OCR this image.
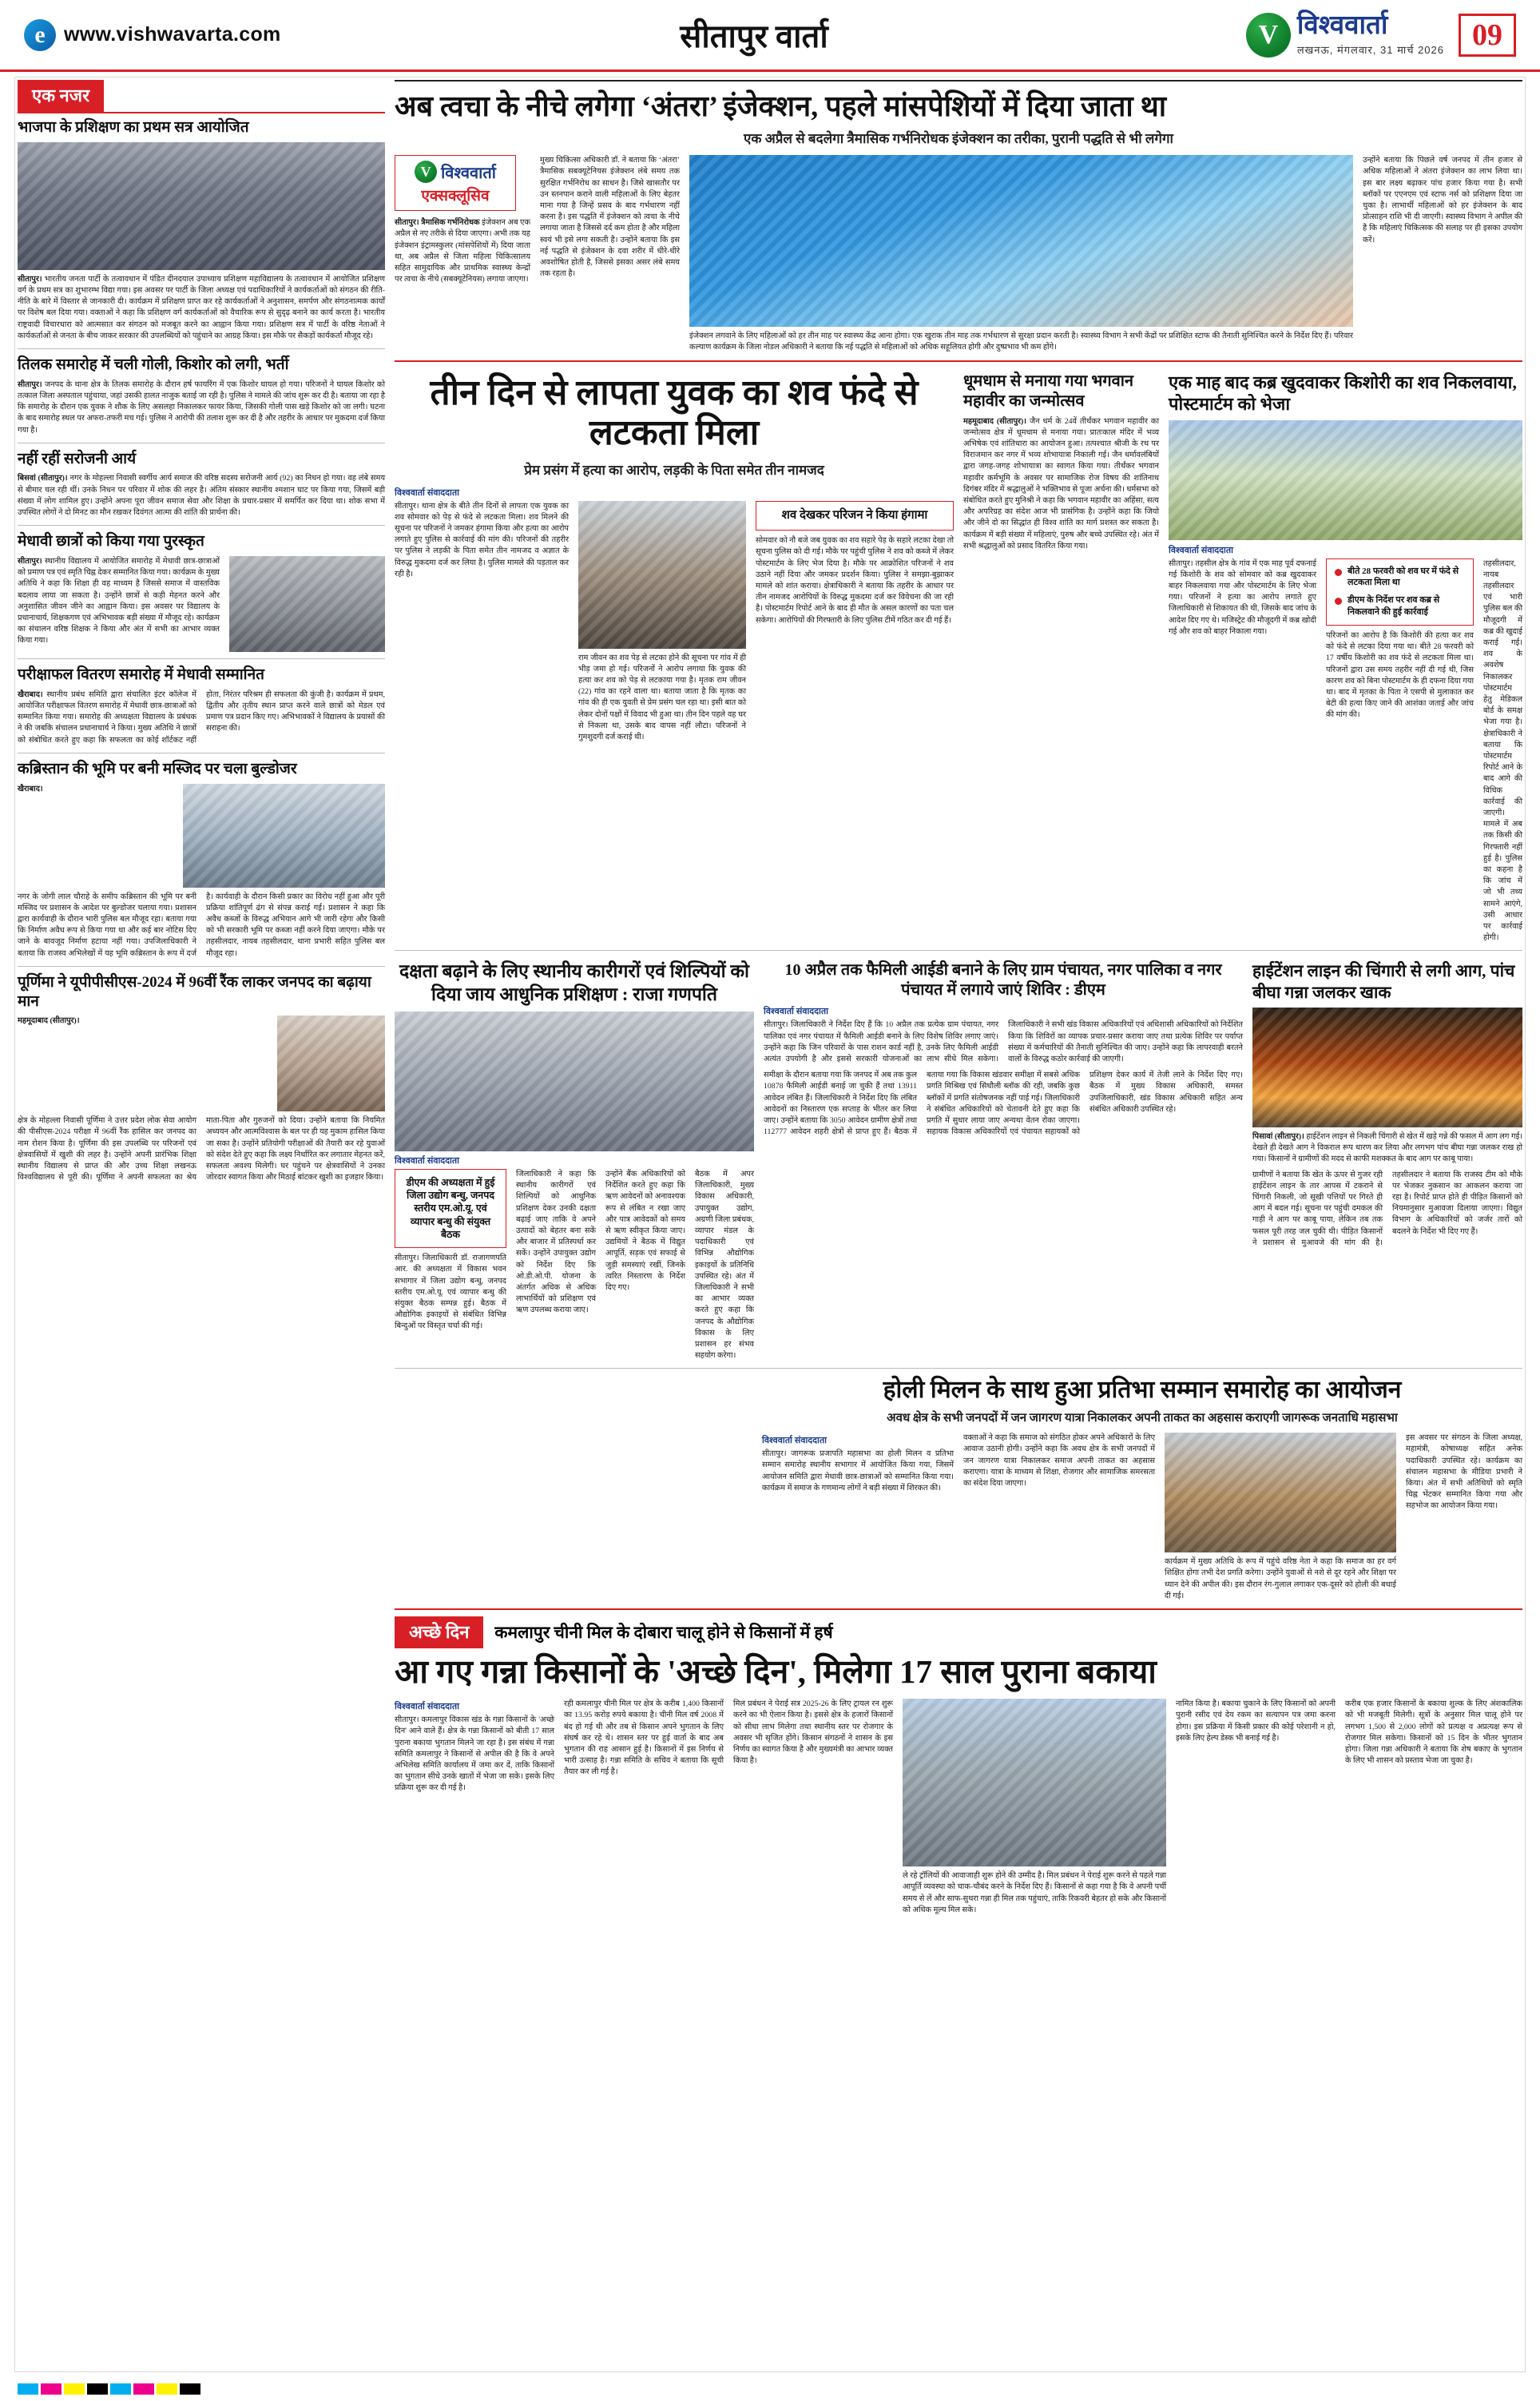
e www.vishwavarta.com	सीतापुर वार्ता	V विश्ववार्ता
लखनऊ, मंगलवार, 31 मार्च 2026 09
एक नजर
भाजपा के प्रशिक्षण का प्रथम सत्र आयोजित
सीतापुर। भारतीय जनता पार्टी के तत्वावधान में पंडित दीनदयाल उपाध्याय प्रशिक्षण महाविद्यालय के तत्वावधान में आयोजित प्रशिक्षण वर्ग के प्रथम सत्र का शुभारम्भ विद्या गया। इस अवसर पर पार्टी के जिला अध्यक्ष एवं पदाधिकारियों ने कार्यकर्ताओं को संगठन की रीति-नीति के बारे में विस्तार से जानकारी दी। कार्यक्रम में प्रशिक्षण प्राप्त कर रहे कार्यकर्ताओं ने अनुशासन, समर्पण और संगठनात्मक कार्यों पर विशेष बल दिया गया। वक्ताओं ने कहा कि प्रशिक्षण वर्ग कार्यकर्ताओं को वैचारिक रूप से सुदृढ़ बनाने का कार्य करता है। भारतीय राष्ट्रवादी विचारधारा को आत्मसात कर संगठन को मजबूत करने का आह्वान किया गया। प्रशिक्षण सत्र में पार्टी के वरिष्ठ नेताओं ने कार्यकर्ताओं से जनता के बीच जाकर सरकार की उपलब्धियों को पहुंचाने का आग्रह किया। इस मौके पर सैकड़ों कार्यकर्ता मौजूद रहे।
तिलक समारोह में चली गोली, किशोर को लगी, भर्ती
सीतापुर। जनपद के थाना क्षेत्र के तिलक समारोह के दौरान हर्ष फायरिंग में एक किशोर घायल हो गया। परिजनों ने घायल किशोर को तत्काल जिला अस्पताल पहुंचाया, जहां उसकी हालत नाजुक बताई जा रही है। पुलिस ने मामले की जांच शुरू कर दी है। बताया जा रहा है कि समारोह के दौरान एक युवक ने शौक के लिए असलहा निकालकर फायर किया, जिसकी गोली पास खड़े किशोर को जा लगी। घटना के बाद समारोह स्थल पर अफरा-तफरी मच गई। पुलिस ने आरोपी की तलाश शुरू कर दी है और तहरीर के आधार पर मुकदमा दर्ज किया गया है।
नहीं रहीं सरोजनी आर्य
बिसवां (सीतापुर)। नगर के मोहल्ला निवासी स्वर्गीय आर्य समाज की वरिष्ठ सदस्य सरोजनी आर्य (92) का निधन हो गया। वह लंबे समय से बीमार चल रही थीं। उनके निधन पर परिवार में शोक की लहर है। अंतिम संस्कार स्थानीय श्मशान घाट पर किया गया, जिसमें बड़ी संख्या में लोग शामिल हुए। उन्होंने अपना पूरा जीवन समाज सेवा और शिक्षा के प्रचार-प्रसार में समर्पित कर दिया था। शोक सभा में उपस्थित लोगों ने दो मिनट का मौन रखकर दिवंगत आत्मा की शांति की प्रार्थना की।
मेधावी छात्रों को किया गया पुरस्कृत
सीतापुर। स्थानीय विद्यालय में आयोजित समारोह में मेधावी छात्र-छात्राओं को प्रमाण पत्र एवं स्मृति चिह्न देकर सम्मानित किया गया। कार्यक्रम के मुख्य अतिथि ने कहा कि शिक्षा ही वह माध्यम है जिससे समाज में वास्तविक बदलाव लाया जा सकता है। उन्होंने छात्रों से कड़ी मेहनत करने और अनुशासित जीवन जीने का आह्वान किया। इस अवसर पर विद्यालय के प्रधानाचार्य, शिक्षकगण एवं अभिभावक बड़ी संख्या में मौजूद रहे। कार्यक्रम का संचालन वरिष्ठ शिक्षक ने किया और अंत में सभी का आभार व्यक्त किया गया।
परीक्षाफल वितरण समारोह में मेधावी सम्मानित
खैराबाद। स्थानीय प्रबंध समिति द्वारा संचालित इंटर कॉलेज में आयोजित परीक्षाफल वितरण समारोह में मेधावी छात्र-छात्राओं को सम्मानित किया गया। समारोह की अध्यक्षता विद्यालय के प्रबंधक ने की जबकि संचालन प्रधानाचार्य ने किया। मुख्य अतिथि ने छात्रों को संबोधित करते हुए कहा कि सफलता का कोई शॉर्टकट नहीं होता, निरंतर परिश्रम ही सफलता की कुंजी है। कार्यक्रम में प्रथम, द्वितीय और तृतीय स्थान प्राप्त करने वाले छात्रों को मेडल एवं प्रमाण पत्र प्रदान किए गए। अभिभावकों ने विद्यालय के प्रयासों की सराहना की।
कब्रिस्तान की भूमि पर बनी मस्जिद पर चला बुल्डोजर
खैराबाद।
नगर के जोगी लाल चौराहे के समीप कब्रिस्तान की भूमि पर बनी मस्जिद पर प्रशासन के आदेश पर बुल्डोजर चलाया गया। प्रशासन द्वारा कार्यवाही के दौरान भारी पुलिस बल मौजूद रहा। बताया गया कि निर्माण अवैध रूप से किया गया था और कई बार नोटिस दिए जाने के बावजूद निर्माण हटाया नहीं गया। उपजिलाधिकारी ने बताया कि राजस्व अभिलेखों में यह भूमि कब्रिस्तान के रूप में दर्ज है। कार्यवाही के दौरान किसी प्रकार का विरोध नहीं हुआ और पूरी प्रक्रिया शांतिपूर्ण ढंग से संपन्न कराई गई। प्रशासन ने कहा कि अवैध कब्जों के विरुद्ध अभियान आगे भी जारी रहेगा और किसी को भी सरकारी भूमि पर कब्जा नहीं करने दिया जाएगा। मौके पर तहसीलदार, नायब तहसीलदार, थाना प्रभारी सहित पुलिस बल मौजूद रहा।
पूर्णिमा ने यूपीपीसीएस-2024 में 96वीं रैंक लाकर जनपद का बढ़ाया मान
महमूदाबाद (सीतापुर)।
क्षेत्र के मोहल्ला निवासी पूर्णिमा ने उत्तर प्रदेश लोक सेवा आयोग की पीसीएस-2024 परीक्षा में 96वीं रैंक हासिल कर जनपद का नाम रोशन किया है। पूर्णिमा की इस उपलब्धि पर परिजनों एवं क्षेत्रवासियों में खुशी की लहर है। उन्होंने अपनी प्रारंभिक शिक्षा स्थानीय विद्यालय से प्राप्त की और उच्च शिक्षा लखनऊ विश्वविद्यालय से पूरी की। पूर्णिमा ने अपनी सफलता का श्रेय माता-पिता और गुरुजनों को दिया। उन्होंने बताया कि नियमित अध्ययन और आत्मविश्वास के बल पर ही यह मुकाम हासिल किया जा सका है। उन्होंने प्रतियोगी परीक्षाओं की तैयारी कर रहे युवाओं को संदेश देते हुए कहा कि लक्ष्य निर्धारित कर लगातार मेहनत करें, सफलता अवश्य मिलेगी। घर पहुंचने पर क्षेत्रवासियों ने उनका जोरदार स्वागत किया और मिठाई बांटकर खुशी का इजहार किया।
अब त्वचा के नीचे लगेगा ‘अंतरा’ इंजेक्शन, पहले मांसपेशियों में दिया जाता था
एक अप्रैल से बदलेगा त्रैमासिक गर्भनिरोधक इंजेक्शन का तरीका, पुरानी पद्धति से भी लगेगा
V विश्ववार्ता
एक्सक्लूसिव
सीतापुर। त्रैमासिक गर्भनिरोधक इंजेक्शन अब एक अप्रैल से नए तरीके से दिया जाएगा। अभी तक यह इंजेक्शन इंट्रामस्कुलर (मांसपेशियों में) दिया जाता था, अब अप्रैल से जिला महिला चिकित्सालय सहित सामुदायिक और प्राथमिक स्वास्थ्य केन्द्रों पर त्वचा के नीचे (सबक्यूटेनियस) लगाया जाएगा।
मुख्य चिकित्सा अधिकारी डॉ. ने बताया कि ‘अंतरा’ त्रैमासिक सबक्यूटेनियस इंजेक्शन लंबे समय तक सुरक्षित गर्भनिरोध का साधन है। जिसे खासतौर पर उन स्तनपान कराने वाली महिलाओं के लिए बेहतर माना गया है जिन्हें प्रसव के बाद गर्भधारण नहीं करना है। इस पद्धति में इंजेक्शन को त्वचा के नीचे लगाया जाता है जिससे दर्द कम होता है और महिला स्वयं भी इसे लगा सकती है। उन्होंने बताया कि इस नई पद्धति से इंजेक्शन के दवा शरीर में धीरे-धीरे अवशोषित होती है, जिससे इसका असर लंबे समय तक रहता है।
इंजेक्शन लगवाने के लिए महिलाओं को हर तीन माह पर स्वास्थ्य केंद्र आना होगा। एक खुराक तीन माह तक गर्भधारण से सुरक्षा प्रदान करती है। स्वास्थ्य विभाग ने सभी केंद्रों पर प्रशिक्षित स्टाफ की तैनाती सुनिश्चित करने के निर्देश दिए हैं। परिवार कल्याण कार्यक्रम के जिला नोडल अधिकारी ने बताया कि नई पद्धति से महिलाओं को अधिक सहूलियत होगी और दुष्प्रभाव भी कम होंगे।
उन्होंने बताया कि पिछले वर्ष जनपद में तीन हजार से अधिक महिलाओं ने अंतरा इंजेक्शन का लाभ लिया था। इस बार लक्ष्य बढ़ाकर पांच हजार किया गया है। सभी ब्लॉकों पर एएनएम एवं स्टाफ नर्स को प्रशिक्षण दिया जा चुका है। लाभार्थी महिलाओं को हर इंजेक्शन के बाद प्रोत्साहन राशि भी दी जाएगी। स्वास्थ्य विभाग ने अपील की है कि महिलाएं चिकित्सक की सलाह पर ही इसका उपयोग करें।
तीन दिन से लापता युवक का शव फंदे से लटकता मिला
प्रेम प्रसंग में हत्या का आरोप, लड़की के पिता समेत तीन नामजद
विश्ववार्ता संवाददाता
सीतापुर। थाना क्षेत्र के बीते तीन दिनों से लापता एक युवक का शव सोमवार को पेड़ से फंदे से लटकता मिला। शव मिलने की सूचना पर परिजनों ने जमकर हंगामा किया और हत्या का आरोप लगाते हुए पुलिस से कार्रवाई की मांग की। परिजनों की तहरीर पर पुलिस ने लड़की के पिता समेत तीन नामजद व अज्ञात के विरुद्ध मुकदमा दर्ज कर लिया है। पुलिस मामले की पड़ताल कर रही है।
राम जीवन का शव पेड़ से लटका होने की सूचना पर गांव में ही भीड़ जमा हो गई। परिजनों ने आरोप लगाया कि युवक की हत्या कर शव को पेड़ से लटकाया गया है। मृतक राम जीवन (22) गांव का रहने वाला था। बताया जाता है कि मृतक का गांव की ही एक युवती से प्रेम प्रसंग चल रहा था। इसी बात को लेकर दोनों पक्षों में विवाद भी हुआ था। तीन दिन पहले वह घर से निकला था, उसके बाद वापस नहीं लौटा। परिजनों ने गुमशुदगी दर्ज कराई थी।
शव देखकर परिजन ने किया हंगामा
सोमवार को नौ बजे जब युवक का शव सहारे पेड़ के सहारे लटका देखा तो सूचना पुलिस को दी गई। मौके पर पहुंची पुलिस ने शव को कब्जे में लेकर पोस्टमार्टम के लिए भेज दिया है। मौके पर आक्रोशित परिजनों ने शव उठाने नहीं दिया और जमकर प्रदर्शन किया। पुलिस ने समझा-बुझाकर मामले को शांत कराया। क्षेत्राधिकारी ने बताया कि तहरीर के आधार पर तीन नामजद आरोपियों के विरुद्ध मुकदमा दर्ज कर विवेचना की जा रही है। पोस्टमार्टम रिपोर्ट आने के बाद ही मौत के असल कारणों का पता चल सकेगा। आरोपियों की गिरफ्तारी के लिए पुलिस टीमें गठित कर दी गई हैं।
धूमधाम से मनाया गया भगवान महावीर का जन्मोत्सव
महमूदाबाद (सीतापुर)। जैन धर्म के 24वें तीर्थंकर भगवान महावीर का जन्मोत्सव क्षेत्र में धूमधाम से मनाया गया। प्रातःकाल मंदिर में भव्य अभिषेक एवं शांतिधारा का आयोजन हुआ। तत्पश्चात श्रीजी के रथ पर विराजमान कर नगर में भव्य शोभायात्रा निकाली गई। जैन धर्मावलंबियों द्वारा जगह-जगह शोभायात्रा का स्वागत किया गया। तीर्थंकर भगवान महावीर कर्मभूमि के अवसर पर सामाजिक रोज विषय की शांतिनाथ दिगंबर मंदिर में श्रद्धालुओं ने भक्तिभाव से पूजा अर्चना की। धर्मसभा को संबोधित करते हुए मुनिश्री ने कहा कि भगवान महावीर का अहिंसा, सत्य और अपरिग्रह का संदेश आज भी प्रासंगिक है। उन्होंने कहा कि जियो और जीने दो का सिद्धांत ही विश्व शांति का मार्ग प्रशस्त कर सकता है। कार्यक्रम में बड़ी संख्या में महिलाएं, पुरुष और बच्चे उपस्थित रहे। अंत में सभी श्रद्धालुओं को प्रसाद वितरित किया गया।
एक माह बाद कब्र खुदवाकर किशोरी का शव निकलवाया, पोस्टमार्टम को भेजा
विश्ववार्ता संवाददाता
सीतापुर। तहसील क्षेत्र के गांव में एक माह पूर्व दफनाई गई किशोरी के शव को सोमवार को कब्र खुदवाकर बाहर निकलवाया गया और पोस्टमार्टम के लिए भेजा गया। परिजनों ने हत्या का आरोप लगाते हुए जिलाधिकारी से शिकायत की थी, जिसके बाद जांच के आदेश दिए गए थे। मजिस्ट्रेट की मौजूदगी में कब्र खोदी गई और शव को बाहर निकाला गया।
बीते 28 फरवरी को शव घर में फंदे से लटकता मिला था
डीएम के निर्देश पर शव कब्र से निकलवाने की हुई कार्रवाई
परिजनों का आरोप है कि किशोरी की हत्या कर शव को फंदे से लटका दिया गया था। बीते 28 फरवरी को 17 वर्षीय किशोरी का शव फंदे से लटकता मिला था। परिजनों द्वारा उस समय तहरीर नहीं दी गई थी, जिस कारण शव को बिना पोस्टमार्टम के ही दफना दिया गया था। बाद में मृतका के पिता ने एसपी से मुलाकात कर बेटी की हत्या किए जाने की आशंका जताई और जांच की मांग की।
तहसीलदार, नायब तहसीलदार एवं भारी पुलिस बल की मौजूदगी में कब्र की खुदाई कराई गई। शव के अवशेष निकालकर पोस्टमार्टम हेतु मेडिकल बोर्ड के समक्ष भेजा गया है। क्षेत्राधिकारी ने बताया कि पोस्टमार्टम रिपोर्ट आने के बाद आगे की विधिक कार्रवाई की जाएगी। मामले में अब तक किसी की गिरफ्तारी नहीं हुई है। पुलिस का कहना है कि जांच में जो भी तथ्य सामने आएंगे, उसी आधार पर कार्रवाई होगी।
दक्षता बढ़ाने के लिए स्थानीय कारीगरों एवं शिल्पियों को दिया जाय आधुनिक प्रशिक्षण : राजा गणपति
विश्ववार्ता संवाददाता
डीएम की अध्यक्षता में हुई जिला उद्योग बन्धु, जनपद स्तरीय एम.ओ.यू. एवं व्यापार बन्धु की संयुक्त बैठक
सीतापुर। जिलाधिकारी डॉ. राजागणपति आर. की अध्यक्षता में विकास भवन सभागार में जिला उद्योग बन्धु, जनपद स्तरीय एम.ओ.यू. एवं व्यापार बन्धु की संयुक्त बैठक सम्पन्न हुई। बैठक में औद्योगिक इकाइयों से संबंधित विभिन्न बिन्दुओं पर विस्तृत चर्चा की गई।
जिलाधिकारी ने कहा कि स्थानीय कारीगरों एवं शिल्पियों को आधुनिक प्रशिक्षण देकर उनकी दक्षता बढ़ाई जाए ताकि वे अपने उत्पादों को बेहतर बना सकें और बाजार में प्रतिस्पर्धा कर सकें। उन्होंने उपायुक्त उद्योग को निर्देश दिए कि ओ.डी.ओ.पी. योजना के अंतर्गत अधिक से अधिक लाभार्थियों को प्रशिक्षण एवं ऋण उपलब्ध कराया जाए।
उन्होंने बैंक अधिकारियों को निर्देशित करते हुए कहा कि ऋण आवेदनों को अनावश्यक रूप से लंबित न रखा जाए और पात्र आवेदकों को समय से ऋण स्वीकृत किया जाए। उद्यमियों ने बैठक में विद्युत आपूर्ति, सड़क एवं सफाई से जुड़ी समस्याएं रखीं, जिनके त्वरित निस्तारण के निर्देश दिए गए।
बैठक में अपर जिलाधिकारी, मुख्य विकास अधिकारी, उपायुक्त उद्योग, अग्रणी जिला प्रबंधक, व्यापार मंडल के पदाधिकारी एवं विभिन्न औद्योगिक इकाइयों के प्रतिनिधि उपस्थित रहे। अंत में जिलाधिकारी ने सभी का आभार व्यक्त करते हुए कहा कि जनपद के औद्योगिक विकास के लिए प्रशासन हर संभव सहयोग करेगा।
10 अप्रैल तक फैमिली आईडी बनाने के लिए ग्राम पंचायत, नगर पालिका व नगर पंचायत में लगाये जाएं शिविर : डीएम
विश्ववार्ता संवाददाता
सीतापुर। जिलाधिकारी ने निर्देश दिए हैं कि 10 अप्रैल तक प्रत्येक ग्राम पंचायत, नगर पालिका एवं नगर पंचायत में फैमिली आईडी बनाने के लिए विशेष शिविर लगाए जाएं। उन्होंने कहा कि जिन परिवारों के पास राशन कार्ड नहीं है, उनके लिए फैमिली आईडी अत्यंत उपयोगी है और इससे सरकारी योजनाओं का लाभ सीधे मिल सकेगा। जिलाधिकारी ने सभी खंड विकास अधिकारियों एवं अधिशासी अधिकारियों को निर्देशित किया कि शिविरों का व्यापक प्रचार-प्रसार कराया जाए तथा प्रत्येक शिविर पर पर्याप्त संख्या में कर्मचारियों की तैनाती सुनिश्चित की जाए। उन्होंने कहा कि लापरवाही बरतने वालों के विरुद्ध कठोर कार्रवाई की जाएगी।
समीक्षा के दौरान बताया गया कि जनपद में अब तक कुल 10878 फैमिली आईडी बनाई जा चुकी हैं तथा 13911 आवेदन लंबित हैं। जिलाधिकारी ने निर्देश दिए कि लंबित आवेदनों का निस्तारण एक सप्ताह के भीतर कर लिया जाए। उन्होंने बताया कि 3050 आवेदन ग्रामीण क्षेत्रों तथा 112777 आवेदन शहरी क्षेत्रों से प्राप्त हुए हैं। बैठक में बताया गया कि विकास खंडवार समीक्षा में सबसे अधिक प्रगति मिश्रिख एवं सिधौली ब्लॉक की रही, जबकि कुछ ब्लॉकों में प्रगति संतोषजनक नहीं पाई गई। जिलाधिकारी ने संबंधित अधिकारियों को चेतावनी देते हुए कहा कि प्रगति में सुधार लाया जाए अन्यथा वेतन रोका जाएगा। सहायक विकास अधिकारियों एवं पंचायत सहायकों को प्रशिक्षण देकर कार्य में तेजी लाने के निर्देश दिए गए। बैठक में मुख्य विकास अधिकारी, समस्त उपजिलाधिकारी, खंड विकास अधिकारी सहित अन्य संबंधित अधिकारी उपस्थित रहे।
हाईटेंशन लाइन की चिंगारी से लगी आग, पांच बीघा गन्ना जलकर खाक
पिसावां (सीतापुर)। हाईटेंशन लाइन से निकली चिंगारी से खेत में खड़े गन्ने की फसल में आग लग गई। देखते ही देखते आग ने विकराल रूप धारण कर लिया और लगभग पांच बीघा गन्ना जलकर राख हो गया। किसानों ने ग्रामीणों की मदद से काफी मशक्कत के बाद आग पर काबू पाया।
ग्रामीणों ने बताया कि खेत के ऊपर से गुजर रही हाईटेंशन लाइन के तार आपस में टकराने से चिंगारी निकली, जो सूखी पत्तियों पर गिरते ही आग में बदल गई। सूचना पर पहुंची दमकल की गाड़ी ने आग पर काबू पाया, लेकिन तब तक फसल पूरी तरह जल चुकी थी। पीड़ित किसानों ने प्रशासन से मुआवजे की मांग की है। तहसीलदार ने बताया कि राजस्व टीम को मौके पर भेजकर नुकसान का आकलन कराया जा रहा है। रिपोर्ट प्राप्त होते ही पीड़ित किसानों को नियमानुसार मुआवजा दिलाया जाएगा। विद्युत विभाग के अधिकारियों को जर्जर तारों को बदलने के निर्देश भी दिए गए हैं।
होली मिलन के साथ हुआ प्रतिभा सम्मान समारोह का आयोजन
अवध क्षेत्र के सभी जनपदों में जन जागरण यात्रा निकालकर अपनी ताकत का अहसास कराएगी जागरूक जनताधि महासभा
विश्ववार्ता संवाददाता
सीतापुर। जागरूक प्रजापति महासभा का होली मिलन व प्रतिभा सम्मान समारोह स्थानीय सभागार में आयोजित किया गया, जिसमें आयोजन समिति द्वारा मेधावी छात्र-छात्राओं को सम्मानित किया गया। कार्यक्रम में समाज के गणमान्य लोगों ने बड़ी संख्या में शिरकत की।
वक्ताओं ने कहा कि समाज को संगठित होकर अपने अधिकारों के लिए आवाज उठानी होगी। उन्होंने कहा कि अवध क्षेत्र के सभी जनपदों में जन जागरण यात्रा निकालकर समाज अपनी ताकत का अहसास कराएगा। यात्रा के माध्यम से शिक्षा, रोजगार और सामाजिक समरसता का संदेश दिया जाएगा।
कार्यक्रम में मुख्य अतिथि के रूप में पहुंचे वरिष्ठ नेता ने कहा कि समाज का हर वर्ग शिक्षित होगा तभी देश प्रगति करेगा। उन्होंने युवाओं से नशे से दूर रहने और शिक्षा पर ध्यान देने की अपील की। इस दौरान रंग-गुलाल लगाकर एक-दूसरे को होली की बधाई दी गई।
इस अवसर पर संगठन के जिला अध्यक्ष, महामंत्री, कोषाध्यक्ष सहित अनेक पदाधिकारी उपस्थित रहे। कार्यक्रम का संचालन महासभा के मीडिया प्रभारी ने किया। अंत में सभी अतिथियों को स्मृति चिह्न भेंटकर सम्मानित किया गया और सहभोज का आयोजन किया गया।
अच्छे दिन	कमलापुर चीनी मिल के दोबारा चालू होने से किसानों में हर्ष
आ गए गन्ना किसानों के 'अच्छे दिन', मिलेगा 17 साल पुराना बकाया
विश्ववार्ता संवाददाता
सीतापुर। कमलापुर विकास खंड के गन्ना किसानों के 'अच्छे दिन' आने वाले हैं। क्षेत्र के गन्ना किसानों को बीती 17 साल पुराना बकाया भुगतान मिलने जा रहा है। इस संबंध में गन्ना समिति कमलापुर ने किसानों से अपील की है कि वे अपने अभिलेख समिति कार्यालय में जमा कर दें, ताकि किसानों का भुगतान सीधे उनके खातों में भेजा जा सके। इसके लिए प्रक्रिया शुरू कर दी गई है।
रही कमलापुर चीनी मिल पर क्षेत्र के करीब 1,400 किसानों का 13.95 करोड़ रुपये बकाया है। चीनी मिल वर्ष 2008 में बंद हो गई थी और तब से किसान अपने भुगतान के लिए संघर्ष कर रहे थे। शासन स्तर पर हुई वार्ता के बाद अब भुगतान की राह आसान हुई है। किसानों में इस निर्णय से भारी उत्साह है। गन्ना समिति के सचिव ने बताया कि सूची तैयार कर ली गई है।
मिल प्रबंधन ने पेराई सत्र 2025-26 के लिए ट्रायल रन शुरू करने का भी ऐलान किया है। इससे क्षेत्र के हजारों किसानों को सीधा लाभ मिलेगा तथा स्थानीय स्तर पर रोजगार के अवसर भी सृजित होंगे। किसान संगठनों ने शासन के इस निर्णय का स्वागत किया है और मुख्यमंत्री का आभार व्यक्त किया है।
ले रहे ट्रॉलियों की आवाजाही शुरू होने की उम्मीद है। मिल प्रबंधन ने पेराई शुरू करने से पहले गन्ना आपूर्ति व्यवस्था को चाक-चौबंद करने के निर्देश दिए हैं। किसानों से कहा गया है कि वे अपनी पर्ची समय से लें और साफ-सुथरा गन्ना ही मिल तक पहुंचाएं, ताकि रिकवरी बेहतर हो सके और किसानों को अधिक मूल्य मिल सके।
नामित किया है। बकाया चुकाने के लिए किसानों को अपनी पुरानी रसीद एवं देय रकम का सत्यापन पत्र जमा करना होगा। इस प्रक्रिया में किसी प्रकार की कोई परेशानी न हो, इसके लिए हेल्प डेस्क भी बनाई गई है।
करीब एक हजार किसानों के बकाया शुल्क के लिए अंशकालिक को भी मजबूती मिलेगी। सूत्रों के अनुसार मिल चालू होने पर लगभग 1,500 से 2,000 लोगों को प्रत्यक्ष व अप्रत्यक्ष रूप से रोजगार मिल सकेगा। किसानों को 15 दिन के भीतर भुगतान होगा। जिला गन्ना अधिकारी ने बताया कि शेष बकाए के भुगतान के लिए भी शासन को प्रस्ताव भेजा जा चुका है।
